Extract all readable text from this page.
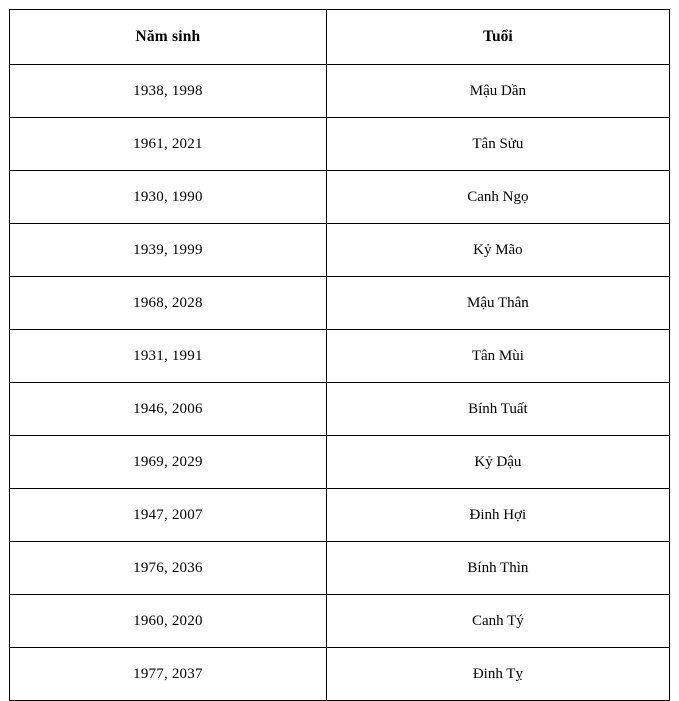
Năm sinh	Tuổi
1938, 1998	Mậu Dần
1961, 2021	Tân Sửu
1930, 1990	Canh Ngọ
1939, 1999	Kỷ Mão
1968, 2028	Mậu Thân
1931, 1991	Tân Mùi
1946, 2006	Bính Tuất
1969, 2029	Kỷ Dậu
1947, 2007	Đinh Hợi
1976, 2036	Bính Thìn
1960, 2020	Canh Tý
1977, 2037	Đinh Tỵ
